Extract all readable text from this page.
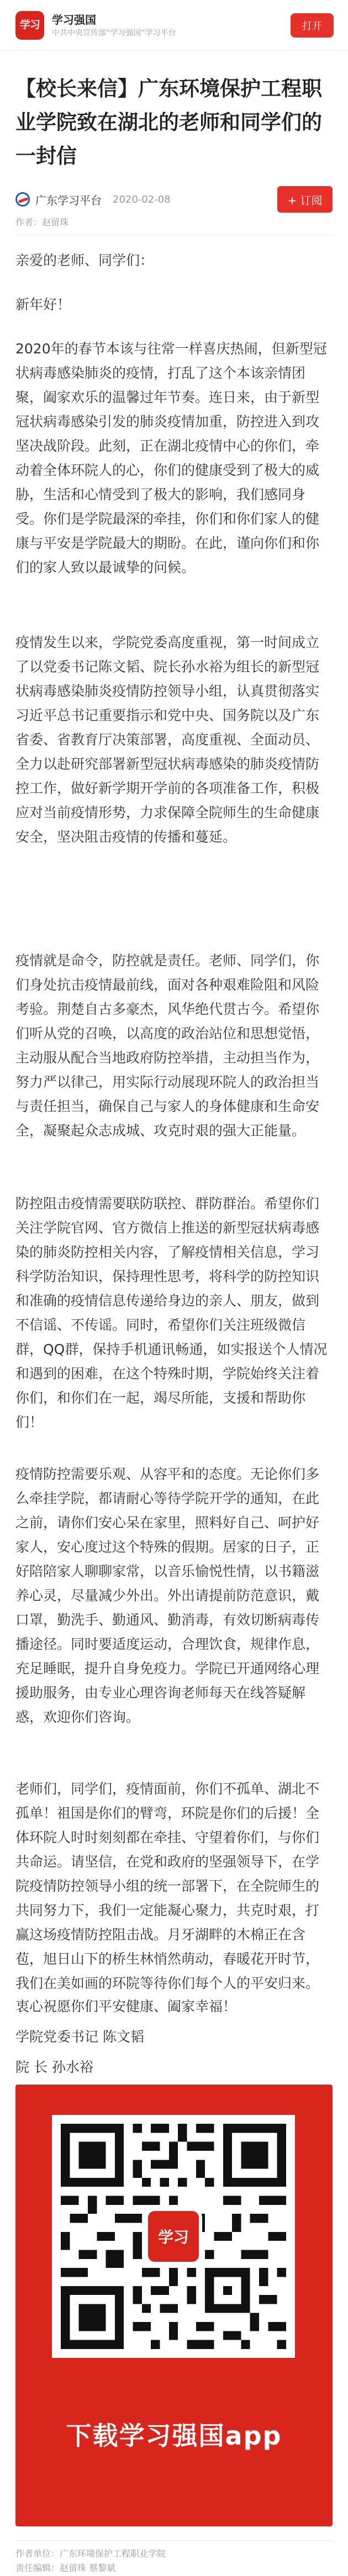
学习 学习强国
中共中央宣传部“学习强国”学习平台
打开
【校长来信】广东环境保护工程职业学院致在湖北的老师和同学们的一封信
广东学习平台 2020-02-08	+ 订阅
作者：赵留珠
亲爱的老师、同学们：
新年好！
2020年的春节本该与往常一样喜庆热闹，但新型冠状病毒感染肺炎的疫情，打乱了这个本该亲情团聚，阖家欢乐的温馨过年节奏。连日来，由于新型冠状病毒感染引发的肺炎疫情加重，防控进入到攻坚决战阶段。此刻，正在湖北疫情中心的你们，牵动着全体环院人的心，你们的健康受到了极大的威胁，生活和心情受到了极大的影响，我们感同身受。你们是学院最深的牵挂，你们和你们家人的健康与平安是学院最大的期盼。在此，谨向你们和你们的家人致以最诚挚的问候。
疫情发生以来，学院党委高度重视，第一时间成立了以党委书记陈文韬、院长孙水裕为组长的新型冠状病毒感染肺炎疫情防控领导小组，认真贯彻落实习近平总书记重要指示和党中央、国务院以及广东省委、省教育厅决策部署，高度重视、全面动员、全力以赴研究部署新型冠状病毒感染的肺炎疫情防控工作，做好新学期开学前的各项准备工作，积极应对当前疫情形势，力求保障全院师生的生命健康安全，坚决阻击疫情的传播和蔓延。
疫情就是命令，防控就是责任。老师、同学们，你们身处抗击疫情最前线，面对各种艰难险阻和风险考验。荆楚自古多豪杰，风华绝代贯古今。希望你们听从党的召唤，以高度的政治站位和思想觉悟，主动服从配合当地政府防控举措，主动担当作为，努力严以律己，用实际行动展现环院人的政治担当与责任担当，确保自己与家人的身体健康和生命安全，凝聚起众志成城、攻克时艰的强大正能量。
防控阻击疫情需要联防联控、群防群治。希望你们关注学院官网、官方微信上推送的新型冠状病毒感染的肺炎防控相关内容，了解疫情相关信息，学习科学防治知识，保持理性思考，将科学的防控知识和准确的疫情信息传递给身边的亲人、朋友，做到不信谣、不传谣。同时，希望你们关注班级微信群，QQ群，保持手机通讯畅通，如实报送个人情况和遇到的困难，在这个特殊时期，学院始终关注着你们，和你们在一起，竭尽所能，支援和帮助你们！
疫情防控需要乐观、从容平和的态度。无论你们多么牵挂学院，都请耐心等待学院开学的通知，在此之前，请你们安心呆在家里，照料好自己、呵护好家人，安心度过这个特殊的假期。居家的日子，正好陪陪家人聊聊家常，以音乐愉悦性情，以书籍滋养心灵，尽量减少外出。外出请提前防范意识，戴口罩，勤洗手、勤通风、勤消毒，有效切断病毒传播途径。同时要适度运动，合理饮食，规律作息，充足睡眠，提升自身免疫力。学院已开通网络心理援助服务，由专业心理咨询老师每天在线答疑解惑，欢迎你们咨询。
老师们，同学们，疫情面前，你们不孤单、湖北不孤单！祖国是你们的臂弯，环院是你们的后援！全体环院人时时刻刻都在牵挂、守望着你们，与你们共命运。请坚信，在党和政府的坚强领导下，在学院疫情防控领导小组的统一部署下，在全院师生的共同努力下，我们一定能凝心聚力，共克时艰，打赢这场疫情防控阻击战。月牙湖畔的木棉正在含苞，旭日山下的桥生林悄然萌动，春暖花开时节，我们在美如画的环院等待你们每个人的平安归来。
衷心祝愿你们平安健康、阖家幸福！
学院党委书记 陈文韬
院 长 孙水裕
学习
下载学习强国app
作者单位：广东环境保护工程职业学院
责任编辑：赵留珠 蔡黎斌
